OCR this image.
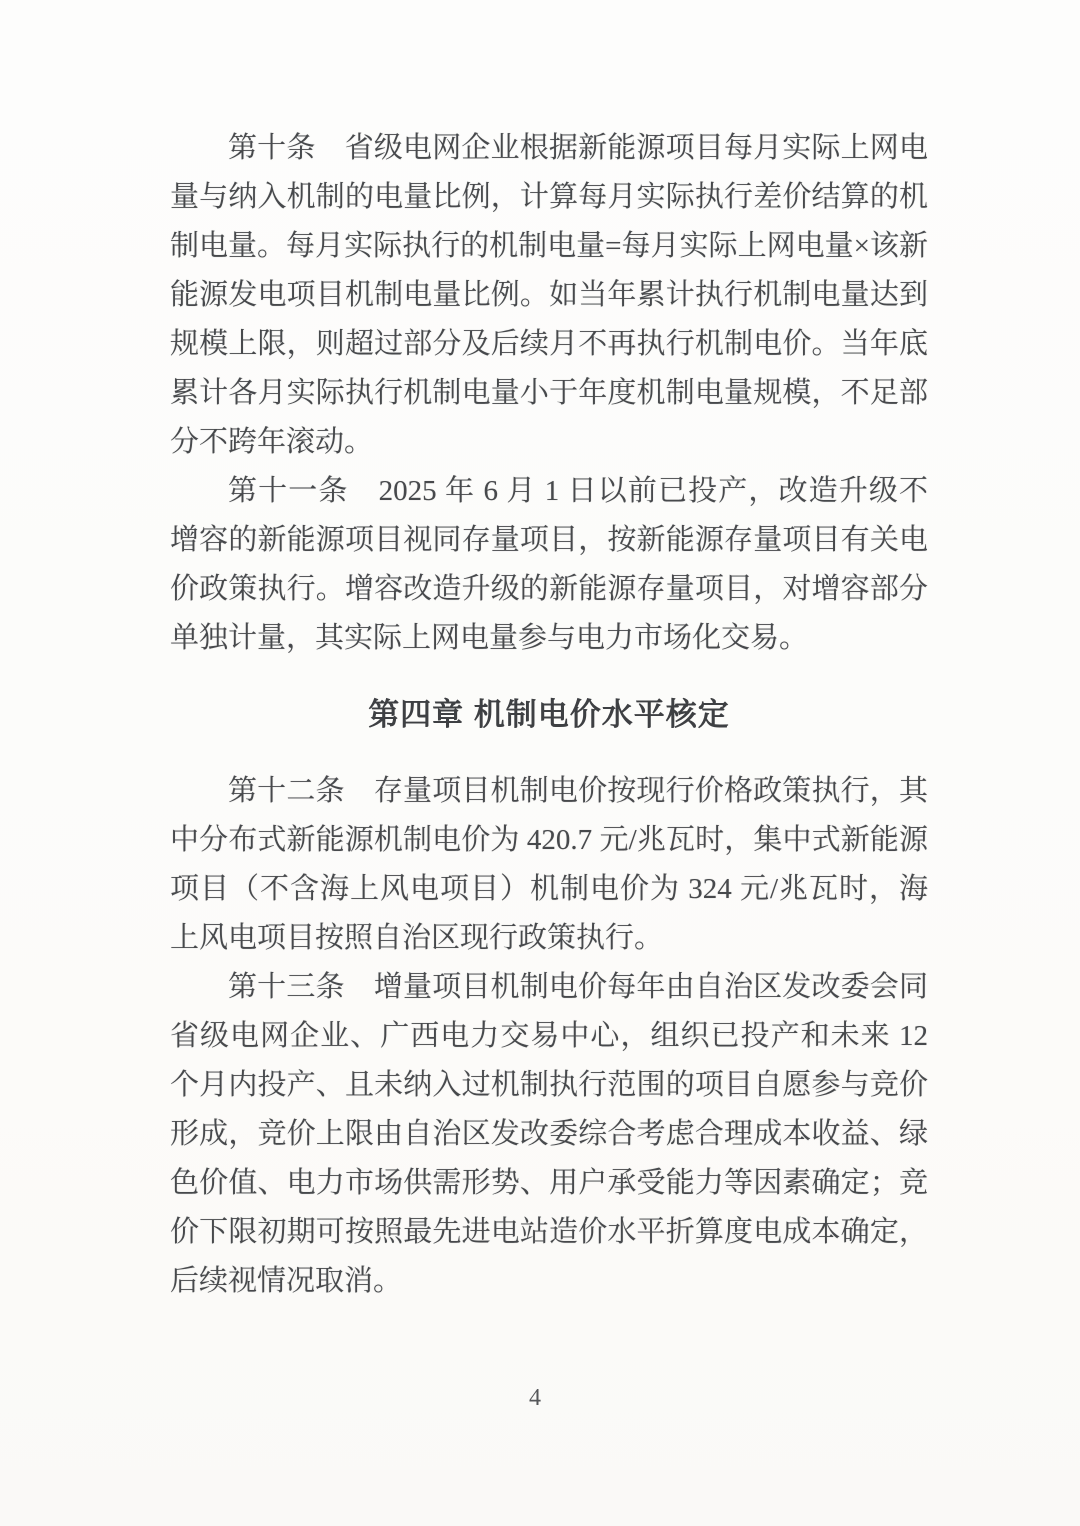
第十条　省级电网企业根据新能源项目每月实际上网电量与纳入机制的电量比例，计算每月实际执行差价结算的机制电量。每月实际执行的机制电量=每月实际上网电量×该新能源发电项目机制电量比例。如当年累计执行机制电量达到规模上限，则超过部分及后续月不再执行机制电价。当年底累计各月实际执行机制电量小于年度机制电量规模，不足部分不跨年滚动。

第十一条　2025 年 6 月 1 日以前已投产，改造升级不增容的新能源项目视同存量项目，按新能源存量项目有关电价政策执行。增容改造升级的新能源存量项目，对增容部分单独计量，其实际上网电量参与电力市场化交易。

第四章 机制电价水平核定

第十二条　存量项目机制电价按现行价格政策执行，其中分布式新能源机制电价为 420.7 元/兆瓦时，集中式新能源项目（不含海上风电项目）机制电价为 324 元/兆瓦时，海上风电项目按照自治区现行政策执行。

第十三条　增量项目机制电价每年由自治区发改委会同省级电网企业、广西电力交易中心，组织已投产和未来 12 个月内投产、且未纳入过机制执行范围的项目自愿参与竞价形成，竞价上限由自治区发改委综合考虑合理成本收益、绿色价值、电力市场供需形势、用户承受能力等因素确定；竞价下限初期可按照最先进电站造价水平折算度电成本确定，后续视情况取消。

4
